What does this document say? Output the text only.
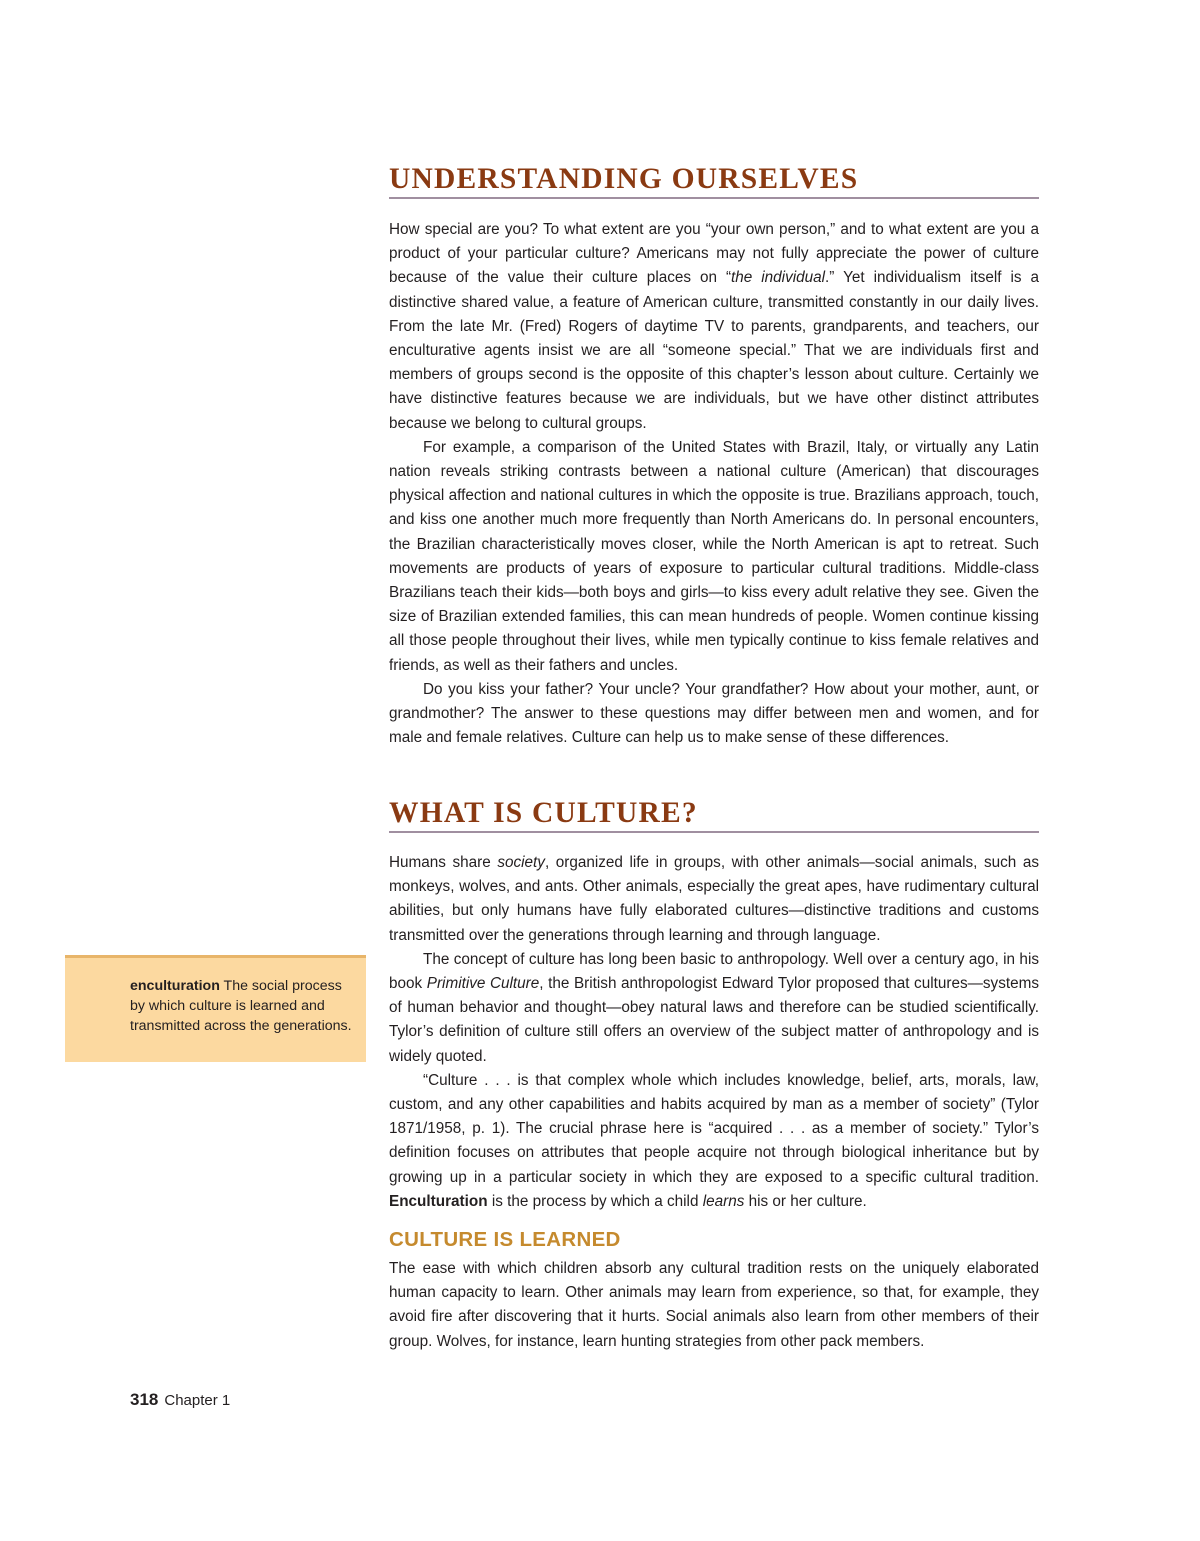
UNDERSTANDING OURSELVES

How special are you? To what extent are you “your own person,” and to what extent are you a product of your particular culture? Americans may not fully appreciate the power of culture because of the value their culture places on “the individual.” Yet individualism itself is a distinctive shared value, a feature of American culture, transmitted constantly in our daily lives. From the late Mr. (Fred) Rogers of daytime TV to parents, grandparents, and teachers, our enculturative agents insist we are all “someone special.” That we are individuals first and members of groups second is the opposite of this chapter’s lesson about culture. Certainly we have distinctive features because we are individuals, but we have other distinct attributes because we belong to cultural groups.

For example, a comparison of the United States with Brazil, Italy, or virtually any Latin nation reveals striking contrasts between a national culture (American) that discourages physical affection and national cultures in which the opposite is true. Brazilians approach, touch, and kiss one another much more frequently than North Americans do. In personal encounters, the Brazilian characteristically moves closer, while the North American is apt to retreat. Such movements are products of years of exposure to particular cultural traditions. Middle-class Brazilians teach their kids—both boys and girls—to kiss every adult relative they see. Given the size of Brazilian extended families, this can mean hundreds of people. Women continue kissing all those people throughout their lives, while men typically continue to kiss female relatives and friends, as well as their fathers and uncles.

Do you kiss your father? Your uncle? Your grandfather? How about your mother, aunt, or grandmother? The answer to these questions may differ between men and women, and for male and female relatives. Culture can help us to make sense of these differences.

WHAT IS CULTURE?

Humans share society, organized life in groups, with other animals—social animals, such as monkeys, wolves, and ants. Other animals, especially the great apes, have rudimentary cultural abilities, but only humans have fully elaborated cultures—distinctive traditions and customs transmitted over the generations through learning and through language.

The concept of culture has long been basic to anthropology. Well over a century ago, in his book Primitive Culture, the British anthropologist Edward Tylor proposed that cultures—systems of human behavior and thought—obey natural laws and therefore can be studied scientifically. Tylor’s definition of culture still offers an overview of the subject matter of anthropology and is widely quoted.

“Culture . . . is that complex whole which includes knowledge, belief, arts, morals, law, custom, and any other capabilities and habits acquired by man as a member of society” (Tylor 1871/1958, p. 1). The crucial phrase here is “acquired . . . as a member of society.” Tylor’s definition focuses on attributes that people acquire not through biological inheritance but by growing up in a particular society in which they are exposed to a specific cultural tradition. Enculturation is the process by which a child learns his or her culture.

CULTURE IS LEARNED

The ease with which children absorb any cultural tradition rests on the uniquely elaborated human capacity to learn. Other animals may learn from experience, so that, for example, they avoid fire after discovering that it hurts. Social animals also learn from other members of their group. Wolves, for instance, learn hunting strategies from other pack members.

enculturation The social process by which culture is learned and transmitted across the generations.
318 Chapter 1
